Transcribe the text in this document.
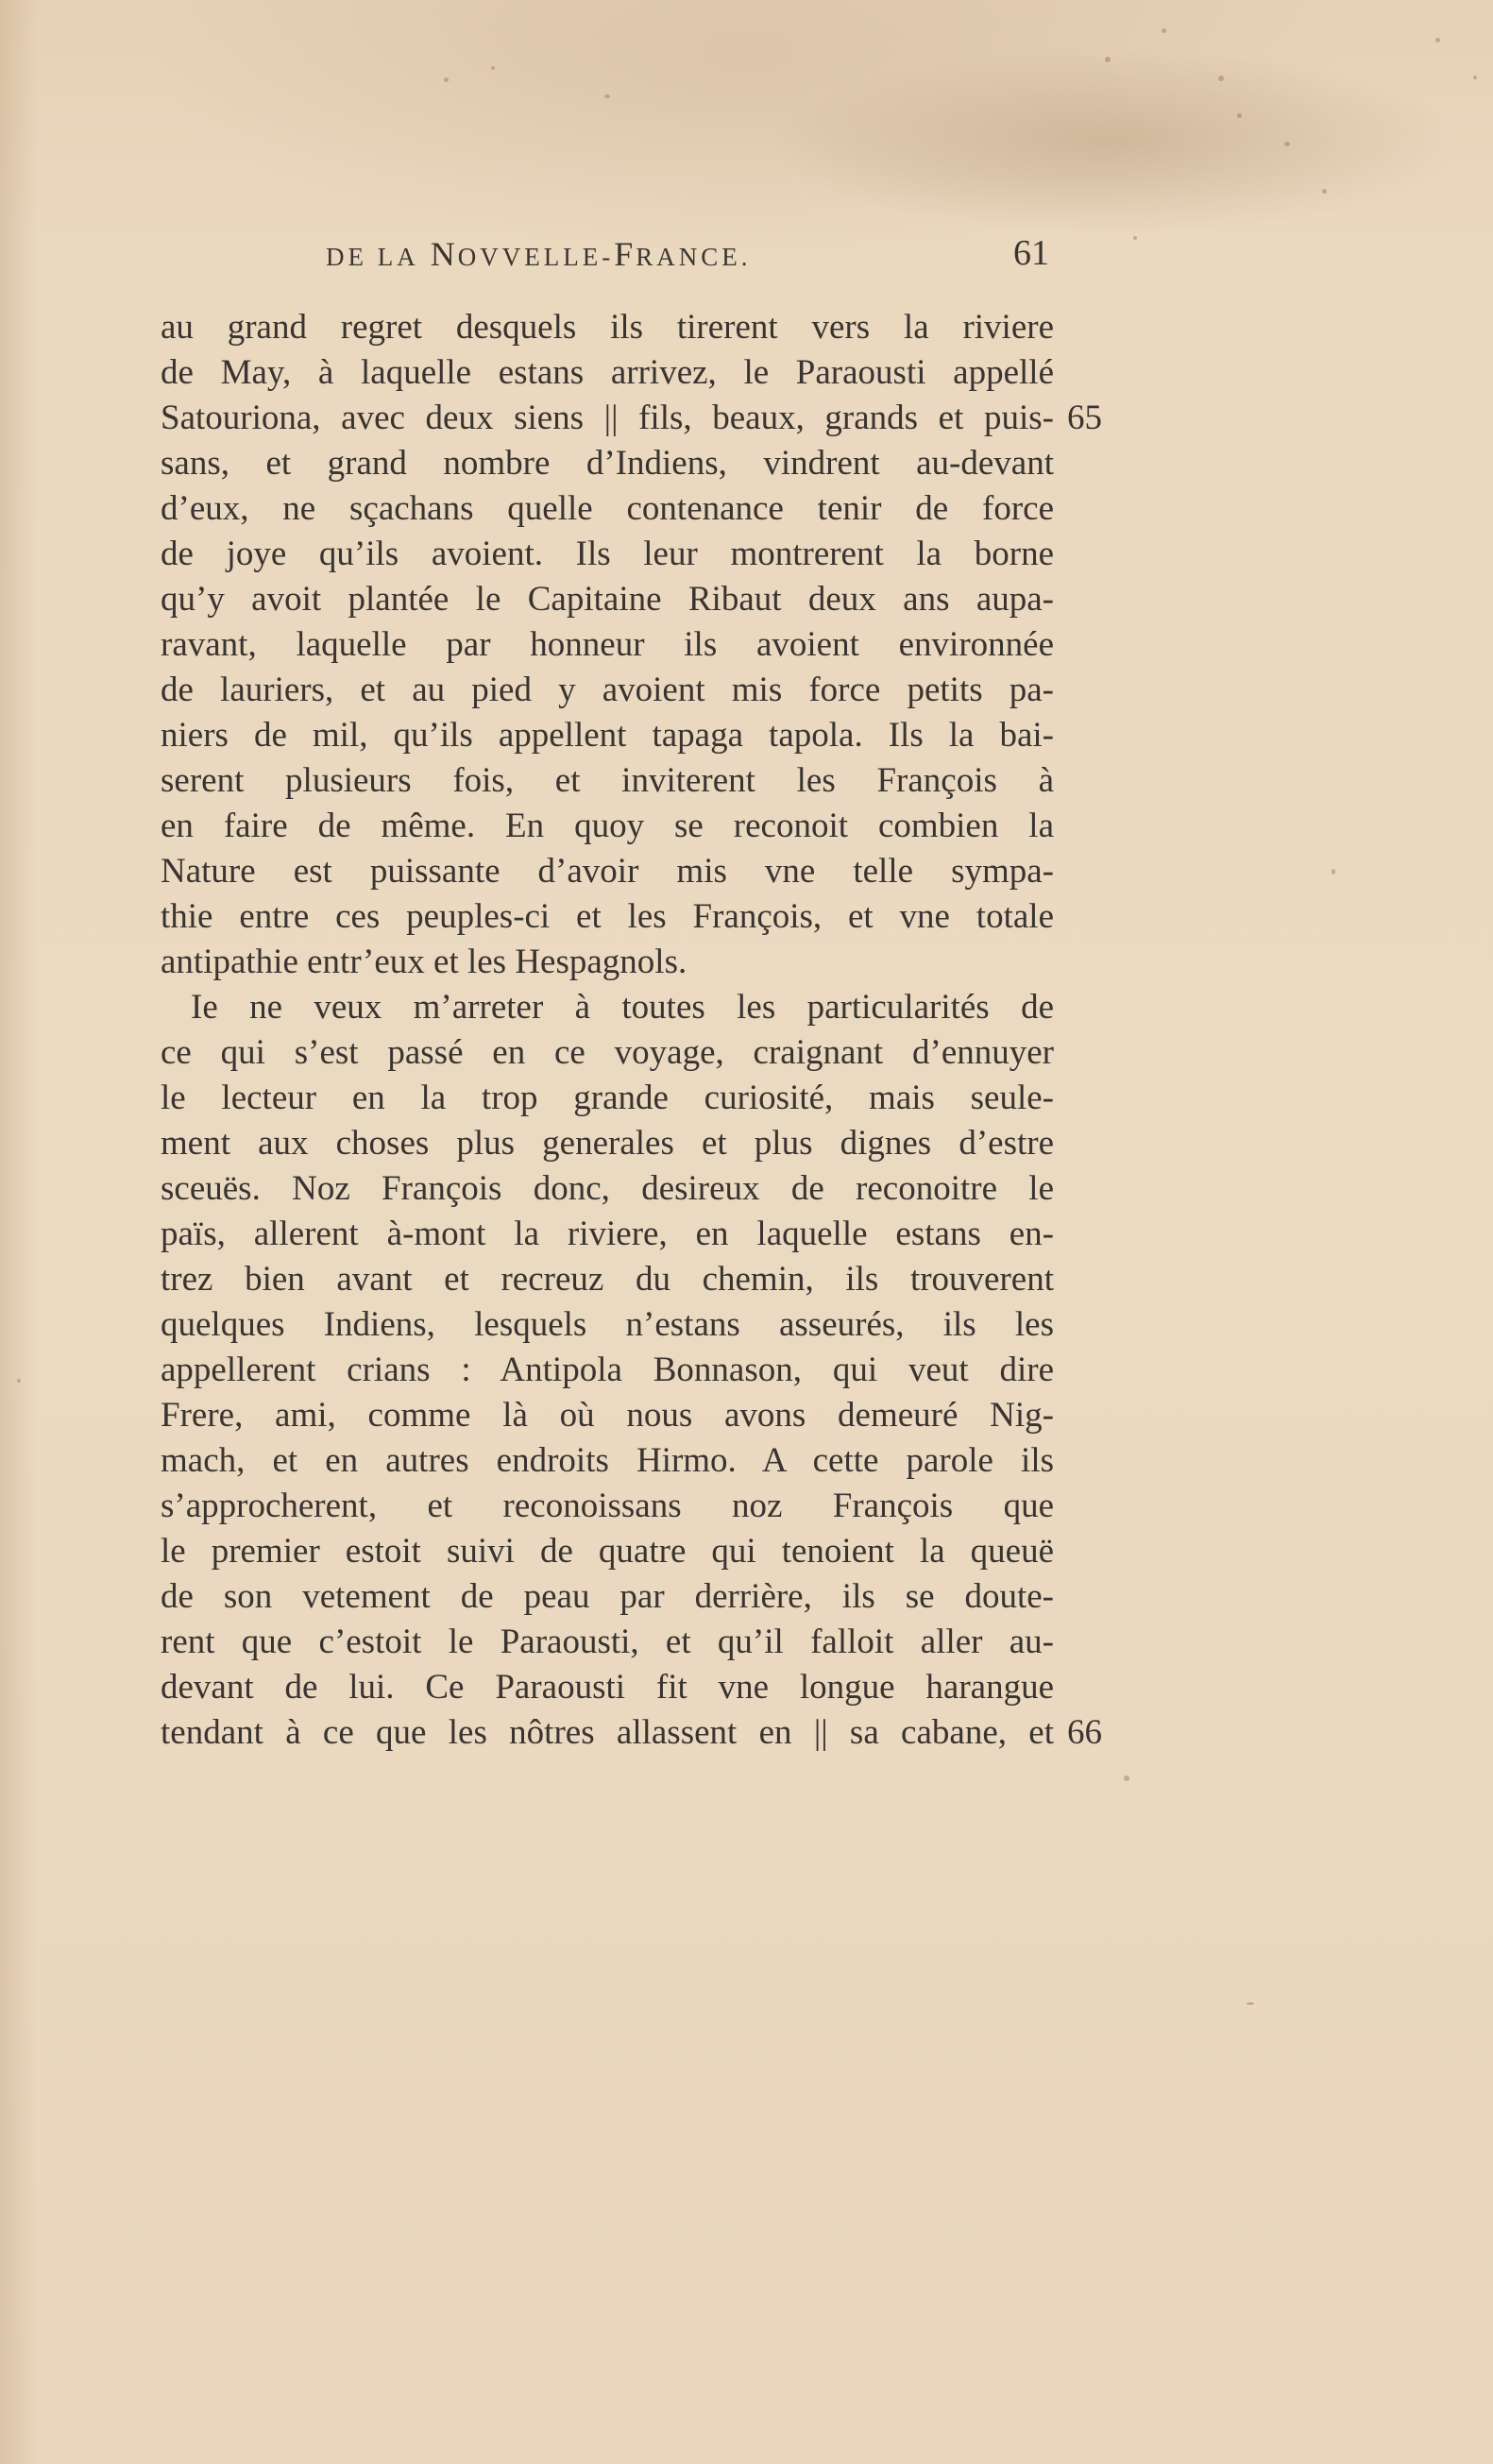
DE LA NOVVELLE-FRANCE.	61
au grand regret desquels ils tirerent vers la riviere
de May, à laquelle estans arrivez, le Paraousti appellé
Satouriona, avec deux siens || fils, beaux, grands et puis-
sans, et grand nombre d’Indiens, vindrent au-devant
d’eux, ne sçachans quelle contenance tenir de force
de joye qu’ils avoient. Ils leur montrerent la borne
qu’y avoit plantée le Capitaine Ribaut deux ans aupa-
ravant, laquelle par honneur ils avoient environnée
de lauriers, et au pied y avoient mis force petits pa-
niers de mil, qu’ils appellent tapaga tapola. Ils la bai-
serent plusieurs fois, et inviterent les François à
en faire de même. En quoy se reconoit combien la
Nature est puissante d’avoir mis vne telle sympa-
thie entre ces peuples-ci et les François, et vne totale
antipathie entr’eux et les Hespagnols.
Ie ne veux m’arreter à toutes les particularités de
ce qui s’est passé en ce voyage, craignant d’ennuyer
le lecteur en la trop grande curiosité, mais seule-
ment aux choses plus generales et plus dignes d’estre
sceuës. Noz François donc, desireux de reconoitre le
païs, allerent à-mont la riviere, en laquelle estans en-
trez bien avant et recreuz du chemin, ils trouverent
quelques Indiens, lesquels n’estans asseurés, ils les
appellerent crians : Antipola Bonnason, qui veut dire
Frere, ami, comme là où nous avons demeuré Nig-
mach, et en autres endroits Hirmo. A cette parole ils
s’approcherent, et reconoissans noz François que
le premier estoit suivi de quatre qui tenoient la queuë
de son vetement de peau par derrière, ils se doute-
rent que c’estoit le Paraousti, et qu’il falloit aller au-
devant de lui. Ce Paraousti fit vne longue harangue
tendant à ce que les nôtres allassent en || sa cabane, et
65
66
